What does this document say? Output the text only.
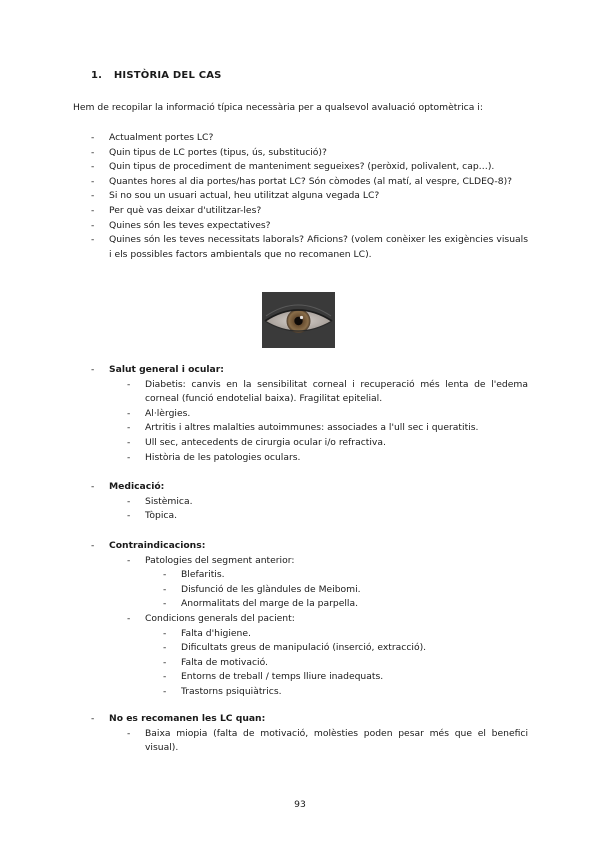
1. HISTÒRIA DEL CAS
Hem de recopilar la informació típica necessària per a qualsevol avaluació optomètrica i:
- Actualment portes LC?
- Quin tipus de LC portes (tipus, ús, substitució)?
- Quin tipus de procediment de manteniment segueixes? (peròxid, polivalent, cap…).
- Quantes hores al dia portes/has portat LC? Són còmodes (al matí, al vespre, CLDEQ-8)?
- Si no sou un usuari actual, heu utilitzat alguna vegada LC?
- Per què vas deixar d'utilitzar-les?
- Quines són les teves expectatives?
- Quines són les teves necessitats laborals? Aficions? (volem conèixer les exigències visuals i els possibles factors ambientals que no recomanen LC).
- Salut general i ocular:
- Diabetis: canvis en la sensibilitat corneal i recuperació més lenta de l'edema corneal (funció endotelial baixa). Fragilitat epitelial.
- Al·lèrgies.
- Artritis i altres malalties autoimmunes: associades a l'ull sec i queratitis.
- Ull sec, antecedents de cirurgia ocular i/o refractiva.
- Història de les patologies oculars.
- Medicació:
- Sistèmica.
- Tòpica.
- Contraindicacions:
- Patologies del segment anterior:
- Blefaritis.
- Disfunció de les glàndules de Meibomi.
- Anormalitats del marge de la parpella.
- Condicions generals del pacient:
- Falta d'higiene.
- Dificultats greus de manipulació (inserció, extracció).
- Falta de motivació.
- Entorns de treball / temps lliure inadequats.
- Trastorns psiquiàtrics.
- No es recomanen les LC quan:
- Baixa miopia (falta de motivació, molèsties poden pesar més que el benefici visual).
93
